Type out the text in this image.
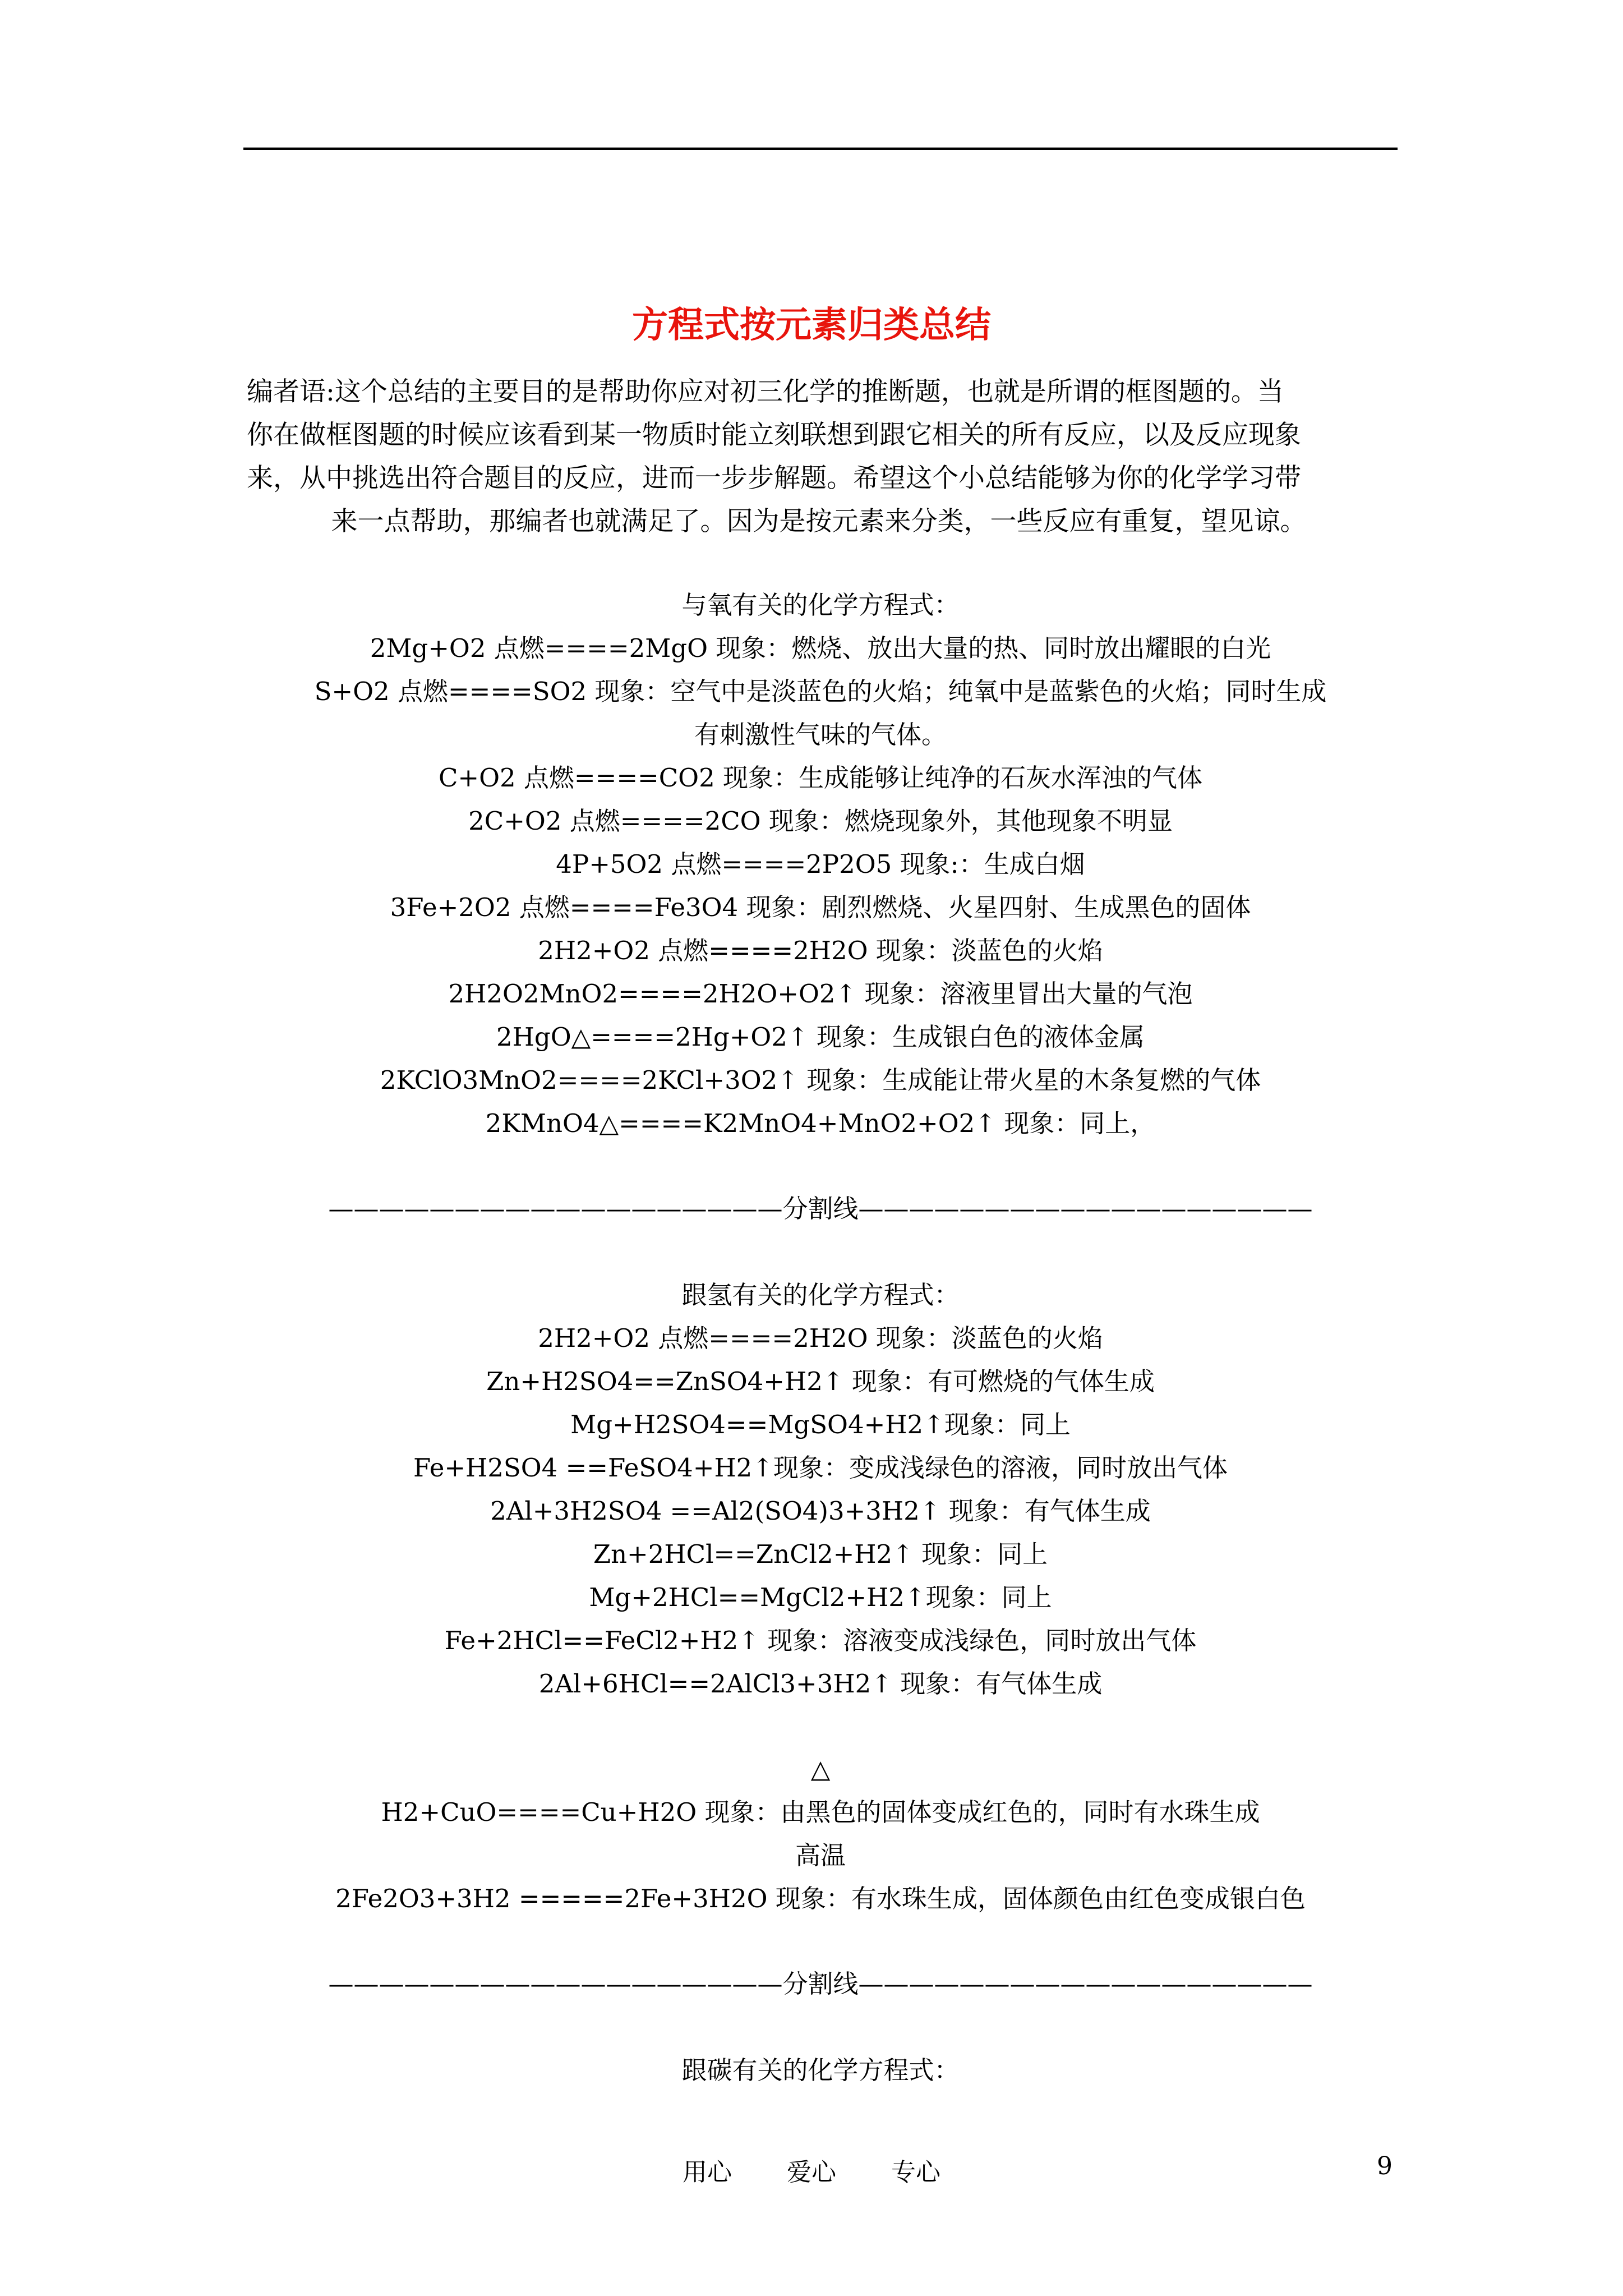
方程式按元素归类总结
编者语:这个总结的主要目的是帮助你应对初三化学的推断题，也就是所谓的框图题的。当
你在做框图题的时候应该看到某一物质时能立刻联想到跟它相关的所有反应，以及反应现象
来，从中挑选出符合题目的反应，进而一步步解题。希望这个小总结能够为你的化学学习带
来一点帮助，那编者也就满足了。因为是按元素来分类，一些反应有重复，望见谅。
与氧有关的化学方程式：
2Mg+O2 点燃====2MgO 现象：燃烧、放出大量的热、同时放出耀眼的白光
S+O2 点燃====SO2 现象：空气中是淡蓝色的火焰；纯氧中是蓝紫色的火焰；同时生成
有刺激性气味的气体。
C+O2 点燃====CO2 现象：生成能够让纯净的石灰水浑浊的气体
2C+O2 点燃====2CO 现象：燃烧现象外，其他现象不明显
4P+5O2 点燃====2P2O5 现象:：生成白烟
3Fe+2O2 点燃====Fe3O4 现象：剧烈燃烧、火星四射、生成黑色的固体
2H2+O2 点燃====2H2O 现象：淡蓝色的火焰
2H2O2MnO2====2H2O+O2↑ 现象：溶液里冒出大量的气泡
2HgO△====2Hg+O2↑ 现象：生成银白色的液体金属
2KClO3MnO2====2KCl+3O2↑ 现象：生成能让带火星的木条复燃的气体
2KMnO4△====K2MnO4+MnO2+O2↑ 现象：同上，
——————————————————分割线——————————————————
跟氢有关的化学方程式：
2H2+O2 点燃====2H2O 现象：淡蓝色的火焰
Zn+H2SO4==ZnSO4+H2↑ 现象：有可燃烧的气体生成
Mg+H2SO4==MgSO4+H2↑现象：同上
Fe+H2SO4 ==FeSO4+H2↑现象：变成浅绿色的溶液，同时放出气体
2Al+3H2SO4 ==Al2(SO4)3+3H2↑ 现象：有气体生成
Zn+2HCl==ZnCl2+H2↑ 现象：同上
Mg+2HCl==MgCl2+H2↑现象：同上
Fe+2HCl==FeCl2+H2↑ 现象：溶液变成浅绿色，同时放出气体
2Al+6HCl==2AlCl3+3H2↑ 现象：有气体生成
△
H2+CuO====Cu+H2O 现象：由黑色的固体变成红色的，同时有水珠生成
高温
2Fe2O3+3H2 =====2Fe+3H2O 现象：有水珠生成，固体颜色由红色变成银白色
——————————————————分割线——————————————————
跟碳有关的化学方程式：
用心 爱心 专心	9
